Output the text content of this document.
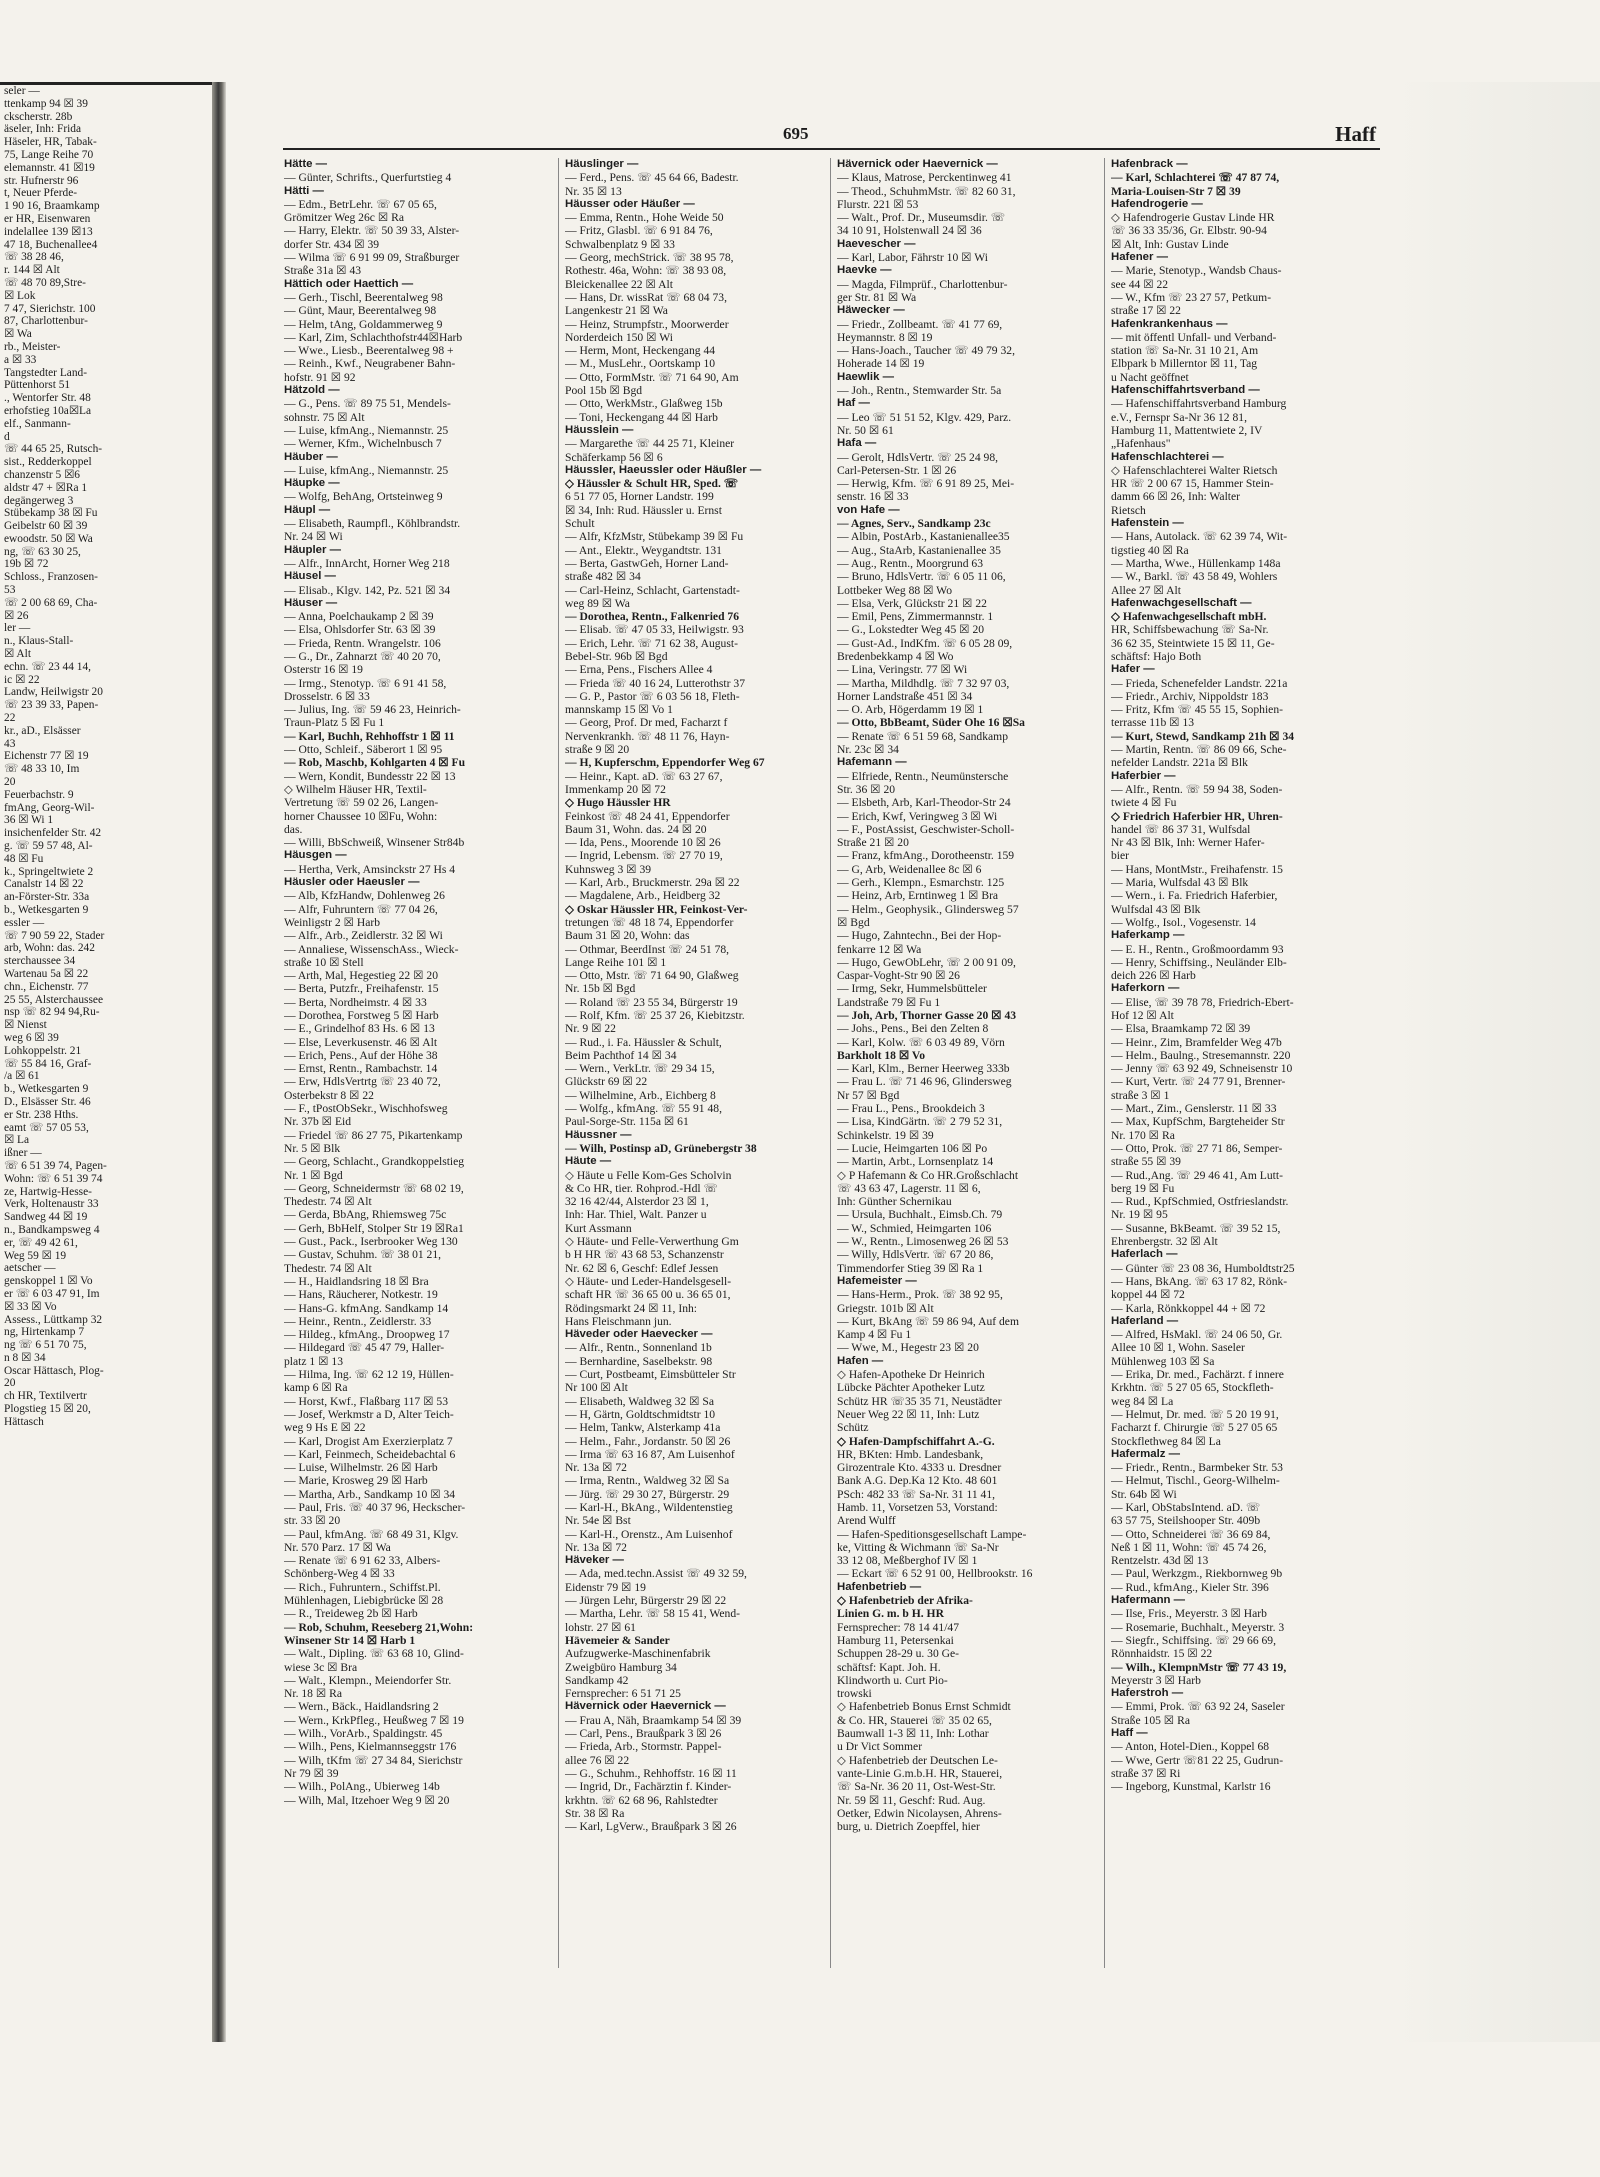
seler —
ttenkamp 94 ☒ 39
ckscherstr. 28b
äseler, Inh: Frida
Häseler, HR, Tabak-
75, Lange Reihe 70
elemannstr. 41 ☒19
str. Hufnerstr 96
t, Neuer Pferde-
1 90 16, Braamkamp
er HR, Eisenwaren
indelallee 139 ☒13
47 18, Buchenallee4
☏ 38 28 46,
r. 144 ☒ Alt
☏ 48 70 89,Stre-
☒ Lok
7 47, Sierichstr. 100
87, Charlottenbur-
☒ Wa
rb., Meister-
a ☒ 33
Tangstedter Land-
Püttenhorst 51
., Wentorfer Str. 48
erhofstieg 10a☒La
elf., Sanmann-
d
☏ 44 65 25, Rutsch-
sist., Redderkoppel
chanzenstr 5 ☒6
aldstr 47 + ☒Ra 1
degängerweg 3
Stübekamp 38 ☒ Fu
Geibelstr 60 ☒ 39
ewoodstr. 50 ☒ Wa
ng, ☏ 63 30 25,
19b ☒ 72
Schloss., Franzosen-
53
☏ 2 00 68 69, Cha-
☒ 26
ler —
n., Klaus-Stall-
☒ Alt
echn. ☏ 23 44 14,
ic ☒ 22
Landw, Heilwigstr 20
☏ 23 39 33, Papen-
22
kr., aD., Elsässer
43
Eichenstr 77 ☒ 19
☏ 48 33 10, Im
20
Feuerbachstr. 9
fmAng, Georg-Wil-
36 ☒ Wi 1
insichenfelder Str. 42
g. ☏ 59 57 48, Al-
48 ☒ Fu
k., Springeltwiete 2
Canalstr 14 ☒ 22
an-Förster-Str. 33a
b., Wetkesgarten 9
essler —
☏ 7 90 59 22, Stader
arb, Wohn: das. 242
sterchaussee 34
Wartenau 5a ☒ 22
chn., Eichenstr. 77
25 55, Alsterchaussee
nsp ☏ 82 94 94,Ru-
☒ Nienst
weg 6 ☒ 39
Lohkoppelstr. 21
☏ 55 84 16, Graf-
/a ☒ 61
b., Wetkesgarten 9
D., Elsässer Str. 46
er Str. 238 Hths.
eamt ☏ 57 05 53,
☒ La
ißner —
☏ 6 51 39 74, Pagen-
Wohn: ☏ 6 51 39 74
ze, Hartwig-Hesse-
Verk, Holtenaustr 33
Sandweg 44 ☒ 19
n., Bandkampsweg 4
er, ☏ 49 42 61,
Weg 59 ☒ 19
aetscher —
genskoppel 1 ☒ Vo
er ☏ 6 03 47 91, Im
☒ 33 ☒ Vo
Assess., Lüttkamp 32
ng, Hirtenkamp 7
ng ☏ 6 51 70 75,
n 8 ☒ 34
Oscar Hättasch, Plog-
20
ch HR, Textilvertr
Plogstieg 15 ☒ 20,
Hättasch
695	Haff
Hätte —
— Günter, Schrifts., Querfurtstieg 4
Hätti —
— Edm., BetrLehr. ☏ 67 05 65,
Grömitzer Weg 26c ☒ Ra
— Harry, Elektr. ☏ 50 39 33, Alster-
dorfer Str. 434 ☒ 39
— Wilma ☏ 6 91 99 09, Straßburger
Straße 31a ☒ 43
Hättich oder Haettich —
— Gerh., Tischl, Beerentalweg 98
— Günt, Maur, Beerentalweg 98
— Helm, tAng, Goldammerweg 9
— Karl, Zim, Schlachthofstr44☒Harb
— Wwe., Liesb., Beerentalweg 98 +
— Reinh., Kwf., Neugrabener Bahn-
hofstr. 91 ☒ 92
Hätzold —
— G., Pens. ☏ 89 75 51, Mendels-
sohnstr. 75 ☒ Alt
— Luise, kfmAng., Niemannstr. 25
— Werner, Kfm., Wichelnbusch 7
Häuber —
— Luise, kfmAng., Niemannstr. 25
Häupke —
— Wolfg, BehAng, Ortsteinweg 9
Häupl —
— Elisabeth, Raumpfl., Köhlbrandstr.
Nr. 24 ☒ Wi
Häupler —
— Alfr., InnArcht, Horner Weg 218
Häusel —
— Elisab., Klgv. 142, Pz. 521 ☒ 34
Häuser —
— Anna, Poelchaukamp 2 ☒ 39
— Elsa, Ohlsdorfer Str. 63 ☒ 39
— Frieda, Rentn. Wrangelstr. 106
— G., Dr., Zahnarzt ☏ 40 20 70,
Osterstr 16 ☒ 19
— Irmg., Stenotyp. ☏ 6 91 41 58,
Drosselstr. 6 ☒ 33
— Julius, Ing. ☏ 59 46 23, Heinrich-
Traun-Platz 5 ☒ Fu 1
— Karl, Buchh, Rehhoffstr 1 ☒ 11
— Otto, Schleif., Säberort 1 ☒ 95
— Rob, Maschb, Kohlgarten 4 ☒ Fu
— Wern, Kondit, Bundesstr 22 ☒ 13
◇ Wilhelm Häuser HR, Textil-
Vertretung ☏ 59 02 26, Langen-
horner Chaussee 10 ☒Fu, Wohn:
das.
— Willi, BbSchweiß, Winsener Str84b
Häusgen —
— Hertha, Verk, Amsinckstr 27 Hs 4
Häusler oder Haeusler —
— Alb, KfzHandw, Dohlenweg 26
— Alfr, Fuhruntern ☏ 77 04 26,
Weinligstr 2 ☒ Harb
— Alfr., Arb., Zeidlerstr. 32 ☒ Wi
— Annaliese, WissenschAss., Wieck-
straße 10 ☒ Stell
— Arth, Mal, Hegestieg 22 ☒ 20
— Berta, Putzfr., Freihafenstr. 15
— Berta, Nordheimstr. 4 ☒ 33
— Dorothea, Forstweg 5 ☒ Harb
— E., Grindelhof 83 Hs. 6 ☒ 13
— Else, Leverkusenstr. 46 ☒ Alt
— Erich, Pens., Auf der Höhe 38
— Ernst, Rentn., Rambachstr. 14
— Erw, HdlsVertrtg ☏ 23 40 72,
Osterbekstr 8 ☒ 22
— F., tPostObSekr., Wischhofsweg
Nr. 37b ☒ Eid
— Friedel ☏ 86 27 75, Pikartenkamp
Nr. 5 ☒ Blk
— Georg, Schlacht., Grandkoppelstieg
Nr. 1 ☒ Bgd
— Georg, Schneidermstr ☏ 68 02 19,
Thedestr. 74 ☒ Alt
— Gerda, BbAng, Rhiemsweg 75c
— Gerh, BbHelf, Stolper Str 19 ☒Ra1
— Gust., Pack., Iserbrooker Weg 130
— Gustav, Schuhm. ☏ 38 01 21,
Thedestr. 74 ☒ Alt
— H., Haidlandsring 18 ☒ Bra
— Hans, Räucherer, Notkestr. 19
— Hans-G. kfmAng. Sandkamp 14
— Heinr., Rentn., Zeidlerstr. 33
— Hildeg., kfmAng., Droopweg 17
— Hildegard ☏ 45 47 79, Haller-
platz 1 ☒ 13
— Hilma, Ing. ☏ 62 12 19, Hüllen-
kamp 6 ☒ Ra
— Horst, Kwf., Flaßbarg 117 ☒ 53
— Josef, Werkmstr a D, Alter Teich-
weg 9 Hs E ☒ 22
— Karl, Drogist Am Exerzierplatz 7
— Karl, Feinmech, Scheidebachtal 6
— Luise, Wilhelmstr. 26 ☒ Harb
— Marie, Krosweg 29 ☒ Harb
— Martha, Arb., Sandkamp 10 ☒ 34
— Paul, Fris. ☏ 40 37 96, Heckscher-
str. 33 ☒ 20
— Paul, kfmAng. ☏ 68 49 31, Klgv.
Nr. 570 Parz. 17 ☒ Wa
— Renate ☏ 6 91 62 33, Albers-
Schönberg-Weg 4 ☒ 33
— Rich., Fuhruntern., Schiffst.Pl.
Mühlenhagen, Liebigbrücke ☒ 28
— R., Treideweg 2b ☒ Harb
— Rob, Schuhm, Reeseberg 21,Wohn:
Winsener Str 14 ☒ Harb 1
— Walt., Dipling. ☏ 63 68 10, Glind-
wiese 3c ☒ Bra
— Walt., Klempn., Meiendorfer Str.
Nr. 18 ☒ Ra
— Wern., Bäck., Haidlandsring 2
— Wern., KrkPfleg., Heußweg 7 ☒ 19
— Wilh., VorArb., Spaldingstr. 45
— Wilh., Pens, Kielmannseggstr 176
— Wilh, tKfm ☏ 27 34 84, Sierichstr
Nr 79 ☒ 39
— Wilh., PolAng., Ubierweg 14b
— Wilh, Mal, Itzehoer Weg 9 ☒ 20
Häuslinger —
— Ferd., Pens. ☏ 45 64 66, Badestr.
Nr. 35 ☒ 13
Häusser oder Häußer —
— Emma, Rentn., Hohe Weide 50
— Fritz, Glasbl. ☏ 6 91 84 76,
Schwalbenplatz 9 ☒ 33
— Georg, mechStrick. ☏ 38 95 78,
Rothestr. 46a, Wohn: ☏ 38 93 08,
Bleickenallee 22 ☒ Alt
— Hans, Dr. wissRat ☏ 68 04 73,
Langenkestr 21 ☒ Wa
— Heinz, Strumpfstr., Moorwerder
Norderdeich 150 ☒ Wi
— Herm, Mont, Heckengang 44
— M., MusLehr., Oortskamp 10
— Otto, FormMstr. ☏ 71 64 90, Am
Pool 15b ☒ Bgd
— Otto, WerkMstr., Glaßweg 15b
— Toni, Heckengang 44 ☒ Harb
Häusslein —
— Margarethe ☏ 44 25 71, Kleiner
Schäferkamp 56 ☒ 6
Häussler, Haeussler oder Häußler —
◇ Häussler & Schult HR, Sped. ☏
6 51 77 05, Horner Landstr. 199
☒ 34, Inh: Rud. Häussler u. Ernst
Schult
— Alfr, KfzMstr, Stübekamp 39 ☒ Fu
— Ant., Elektr., Weygandtstr. 131
— Berta, GastwGeh, Horner Land-
straße 482 ☒ 34
— Carl-Heinz, Schlacht, Gartenstadt-
weg 89 ☒ Wa
— Dorothea, Rentn., Falkenried 76
— Elisab. ☏ 47 05 33, Heilwigstr. 93
— Erich, Lehr. ☏ 71 62 38, August-
Bebel-Str. 96b ☒ Bgd
— Erna, Pens., Fischers Allee 4
— Frieda ☏ 40 16 24, Lutterothstr 37
— G. P., Pastor ☏ 6 03 56 18, Fleth-
mannskamp 15 ☒ Vo 1
— Georg, Prof. Dr med, Facharzt f
Nervenkrankh. ☏ 48 11 76, Hayn-
straße 9 ☒ 20
— H, Kupferschm, Eppendorfer Weg 67
— Heinr., Kapt. aD. ☏ 63 27 67,
Immenkamp 20 ☒ 72
◇ Hugo Häussler HR
Feinkost ☏ 48 24 41, Eppendorfer
Baum 31, Wohn. das. 24 ☒ 20
— Ida, Pens., Moorende 10 ☒ 26
— Ingrid, Lebensm. ☏ 27 70 19,
Kuhnsweg 3 ☒ 39
— Karl, Arb., Bruckmerstr. 29a ☒ 22
— Magdalene, Arb., Heidberg 32
◇ Oskar Häussler HR, Feinkost-Ver-
tretungen ☏ 48 18 74, Eppendorfer
Baum 31 ☒ 20, Wohn: das
— Othmar, BeerdInst ☏ 24 51 78,
Lange Reihe 101 ☒ 1
— Otto, Mstr. ☏ 71 64 90, Glaßweg
Nr. 15b ☒ Bgd
— Roland ☏ 23 55 34, Bürgerstr 19
— Rolf, Kfm. ☏ 25 37 26, Kiebitzstr.
Nr. 9 ☒ 22
— Rud., i. Fa. Häussler & Schult,
Beim Pachthof 14 ☒ 34
— Wern., VerkLtr. ☏ 29 34 15,
Glückstr 69 ☒ 22
— Wilhelmine, Arb., Eichberg 8
— Wolfg., kfmAng. ☏ 55 91 48,
Paul-Sorge-Str. 115a ☒ 61
Häussner —
— Wilh, Postinsp aD, Grünebergstr 38
Häute —
◇ Häute u Felle Kom-Ges Scholvin
& Co HR, tier. Rohprod.-Hdl ☏
32 16 42/44, Alsterdor 23 ☒ 1,
Inh: Har. Thiel, Walt. Panzer u
Kurt Assmann
◇ Häute- und Felle-Verwerthung Gm
b H HR ☏ 43 68 53, Schanzenstr
Nr. 62 ☒ 6, Geschf: Edlef Jessen
◇ Häute- und Leder-Handelsgesell-
schaft HR ☏ 36 65 00 u. 36 65 01,
Rödingsmarkt 24 ☒ 11, Inh:
Hans Fleischmann jun.
Häveder oder Haevecker —
— Alfr., Rentn., Sonnenland 1b
— Bernhardine, Saselbekstr. 98
— Curt, Postbeamt, Eimsbütteler Str
Nr 100 ☒ Alt
— Elisabeth, Waldweg 32 ☒ Sa
— H, Gärtn, Goldtschmidtstr 10
— Helm, Tankw, Alsterkamp 41a
— Helm., Fahr., Jordanstr. 50 ☒ 26
— Irma ☏ 63 16 87, Am Luisenhof
Nr. 13a ☒ 72
— Irma, Rentn., Waldweg 32 ☒ Sa
— Jürg. ☏ 29 30 27, Bürgerstr. 29
— Karl-H., BkAng., Wildentenstieg
Nr. 54e ☒ Bst
— Karl-H., Orenstz., Am Luisenhof
Nr. 13a ☒ 72
Häveker —
— Ada, med.techn.Assist ☏ 49 32 59,
Eidenstr 79 ☒ 19
— Jürgen Lehr, Bürgerstr 29 ☒ 22
— Martha, Lehr. ☏ 58 15 41, Wend-
lohstr. 27 ☒ 61
Hävemeier & Sander
Aufzugwerke-Maschinenfabrik
Zweigbüro Hamburg 34
Sandkamp 42
Fernsprecher: 6 51 71 25
Hävernick oder Haevernick —
— Frau A, Näh, Braamkamp 54 ☒ 39
— Carl, Pens., Braußpark 3 ☒ 26
— Frieda, Arb., Stormstr. Pappel-
allee 76 ☒ 22
— G., Schuhm., Rehhoffstr. 16 ☒ 11
— Ingrid, Dr., Fachärztin f. Kinder-
krkhtn. ☏ 62 68 96, Rahlstedter
Str. 38 ☒ Ra
— Karl, LgVerw., Braußpark 3 ☒ 26
Hävernick oder Haevernick —
— Klaus, Matrose, Perckentinweg 41
— Theod., SchuhmMstr. ☏ 82 60 31,
Flurstr. 221 ☒ 53
— Walt., Prof. Dr., Museumsdir. ☏
34 10 91, Holstenwall 24 ☒ 36
Haevescher —
— Karl, Labor, Fährstr 10 ☒ Wi
Haevke —
— Magda, Filmprüf., Charlottenbur-
ger Str. 81 ☒ Wa
Häwecker —
— Friedr., Zollbeamt. ☏ 41 77 69,
Heymannstr. 8 ☒ 19
— Hans-Joach., Taucher ☏ 49 79 32,
Hoherade 14 ☒ 19
Haewlik —
— Joh., Rentn., Stemwarder Str. 5a
Haf —
— Leo ☏ 51 51 52, Klgv. 429, Parz.
Nr. 50 ☒ 61
Hafa —
— Gerolt, HdlsVertr. ☏ 25 24 98,
Carl-Petersen-Str. 1 ☒ 26
— Herwig, Kfm. ☏ 6 91 89 25, Mei-
senstr. 16 ☒ 33
von Hafe —
— Agnes, Serv., Sandkamp 23c
— Albin, PostArb., Kastanienallee35
— Aug., StaArb, Kastanienallee 35
— Aug., Rentn., Moorgrund 63
— Bruno, HdlsVertr. ☏ 6 05 11 06,
Lottbeker Weg 88 ☒ Wo
— Elsa, Verk, Glückstr 21 ☒ 22
— Emil, Pens, Zimmermannstr. 1
— G., Lokstedter Weg 45 ☒ 20
— Gust-Ad., IndKfm. ☏ 6 05 28 09,
Bredenbekkamp 4 ☒ Wo
— Lina, Veringstr. 77 ☒ Wi
— Martha, Mildhdlg. ☏ 7 32 97 03,
Horner Landstraße 451 ☒ 34
— O. Arb, Högerdamm 19 ☒ 1
— Otto, BbBeamt, Süder Ohe 16 ☒Sa
— Renate ☏ 6 51 59 68, Sandkamp
Nr. 23c ☒ 34
Hafemann —
— Elfriede, Rentn., Neumünstersche
Str. 36 ☒ 20
— Elsbeth, Arb, Karl-Theodor-Str 24
— Erich, Kwf, Veringweg 3 ☒ Wi
— F., PostAssist, Geschwister-Scholl-
Straße 21 ☒ 20
— Franz, kfmAng., Dorotheenstr. 159
— G, Arb, Weidenallee 8c ☒ 6
— Gerh., Klempn., Esmarchstr. 125
— Heinz, Arb, Erntinweg 1 ☒ Bra
— Helm., Geophysik., Glindersweg 57
☒ Bgd
— Hugo, Zahntechn., Bei der Hop-
fenkarre 12 ☒ Wa
— Hugo, GewObLehr, ☏ 2 00 91 09,
Caspar-Voght-Str 90 ☒ 26
— Irmg, Sekr, Hummelsbütteler
Landstraße 79 ☒ Fu 1
— Joh, Arb, Thorner Gasse 20 ☒ 43
— Johs., Pens., Bei den Zelten 8
— Karl, Kolw. ☏ 6 03 49 89, Vörn
Barkholt 18 ☒ Vo
— Karl, Klm., Berner Heerweg 333b
— Frau L. ☏ 71 46 96, Glindersweg
Nr 57 ☒ Bgd
— Frau L., Pens., Brookdeich 3
— Lisa, KindGärtn. ☏ 2 79 52 31,
Schinkelstr. 19 ☒ 39
— Lucie, Heimgarten 106 ☒ Po
— Martin, Arbt., Lornsenplatz 14
◇ P Hafemann & Co HR.Großschlacht
☏ 43 63 47, Lagerstr. 11 ☒ 6,
Inh: Günther Schernikau
— Ursula, Buchhalt., Eimsb.Ch. 79
— W., Schmied, Heimgarten 106
— W., Rentn., Limosenweg 26 ☒ 53
— Willy, HdlsVertr. ☏ 67 20 86,
Timmendorfer Stieg 39 ☒ Ra 1
Hafemeister —
— Hans-Herm., Prok. ☏ 38 92 95,
Griegstr. 101b ☒ Alt
— Kurt, BkAng ☏ 59 86 94, Auf dem
Kamp 4 ☒ Fu 1
— Wwe, M., Hegestr 23 ☒ 20
Hafen —
◇ Hafen-Apotheke Dr Heinrich
Lübcke Pächter Apotheker Lutz
Schütz HR ☏35 35 71, Neustädter
Neuer Weg 22 ☒ 11, Inh: Lutz
Schütz
◇ Hafen-Dampfschiffahrt A.-G.
HR, BKten: Hmb. Landesbank,
Girozentrale Kto. 4333 u. Dresdner
Bank A.G. Dep.Ka 12 Kto. 48 601
PSch: 482 33 ☏ Sa-Nr. 31 11 41,
Hamb. 11, Vorsetzen 53, Vorstand:
Arend Wulff
— Hafen-Speditionsgesellschaft Lampe-
ke, Vitting & Wichmann ☏ Sa-Nr
33 12 08, Meßberghof IV ☒ 1
— Eckart ☏ 6 52 91 00, Hellbrookstr. 16
Hafenbetrieb —
◇ Hafenbetrieb der Afrika-
Linien G. m. b H. HR
Fernsprecher: 78 14 41/47
Hamburg 11, Petersenkai
Schuppen 28-29 u. 30 Ge-
schäftsf: Kapt. Joh. H.
Klindworth u. Curt Pio-
trowski
◇ Hafenbetrieb Bonus Ernst Schmidt
& Co. HR, Stauerei ☏ 35 02 65,
Baumwall 1-3 ☒ 11, Inh: Lothar
u Dr Vict Sommer
◇ Hafenbetrieb der Deutschen Le-
vante-Linie G.m.b.H. HR, Stauerei,
☏ Sa-Nr. 36 20 11, Ost-West-Str.
Nr. 59 ☒ 11, Geschf: Rud. Aug.
Oetker, Edwin Nicolaysen, Ahrens-
burg, u. Dietrich Zoepffel, hier
Hafenbrack —
— Karl, Schlachterei ☏ 47 87 74,
Maria-Louisen-Str 7 ☒ 39
Hafendrogerie —
◇ Hafendrogerie Gustav Linde HR
☏ 36 33 35/36, Gr. Elbstr. 90-94
☒ Alt, Inh: Gustav Linde
Hafener —
— Marie, Stenotyp., Wandsb Chaus-
see 44 ☒ 22
— W., Kfm ☏ 23 27 57, Petkum-
straße 17 ☒ 22
Hafenkrankenhaus —
— mit öffentl Unfall- und Verband-
station ☏ Sa-Nr. 31 10 21, Am
Elbpark b Millerntor ☒ 11, Tag
u Nacht geöffnet
Hafenschiffahrtsverband —
— Hafenschiffahrtsverband Hamburg
e.V., Fernspr Sa-Nr 36 12 81,
Hamburg 11, Mattentwiete 2, IV
„Hafenhaus"
Hafenschlachterei —
◇ Hafenschlachterei Walter Rietsch
HR ☏ 2 00 67 15, Hammer Stein-
damm 66 ☒ 26, Inh: Walter
Rietsch
Hafenstein —
— Hans, Autolack. ☏ 62 39 74, Wit-
tigstieg 40 ☒ Ra
— Martha, Wwe., Hüllenkamp 148a
— W., Barkl. ☏ 43 58 49, Wohlers
Allee 27 ☒ Alt
Hafenwachgesellschaft —
◇ Hafenwachgesellschaft mbH.
HR, Schiffsbewachung ☏ Sa-Nr.
36 62 35, Steintwiete 15 ☒ 11, Ge-
schäftsf: Hajo Both
Hafer —
— Frieda, Schenefelder Landstr. 221a
— Friedr., Archiv, Nippoldstr 183
— Fritz, Kfm ☏ 45 55 15, Sophien-
terrasse 11b ☒ 13
— Kurt, Stewd, Sandkamp 21h ☒ 34
— Martin, Rentn. ☏ 86 09 66, Sche-
nefelder Landstr. 221a ☒ Blk
Haferbier —
— Alfr., Rentn. ☏ 59 94 38, Soden-
twiete 4 ☒ Fu
◇ Friedrich Haferbier HR, Uhren-
handel ☏ 86 37 31, Wulfsdal
Nr 43 ☒ Blk, Inh: Werner Hafer-
bier
— Hans, MontMstr., Freihafenstr. 15
— Maria, Wulfsdal 43 ☒ Blk
— Wern., i. Fa. Friedrich Haferbier,
Wulfsdal 43 ☒ Blk
— Wolfg., Isol., Vogesenstr. 14
Haferkamp —
— E. H., Rentn., Großmoordamm 93
— Henry, Schiffsing., Neuländer Elb-
deich 226 ☒ Harb
Haferkorn —
— Elise, ☏ 39 78 78, Friedrich-Ebert-
Hof 12 ☒ Alt
— Elsa, Braamkamp 72 ☒ 39
— Heinr., Zim, Bramfelder Weg 47b
— Helm., Baulng., Stresemannstr. 220
— Jenny ☏ 63 92 49, Schneisenstr 10
— Kurt, Vertr. ☏ 24 77 91, Brenner-
straße 3 ☒ 1
— Mart., Zim., Genslerstr. 11 ☒ 33
— Max, KupfSchm, Bargteheider Str
Nr. 170 ☒ Ra
— Otto, Prok. ☏ 27 71 86, Semper-
straße 55 ☒ 39
— Rud.,Ang. ☏ 29 46 41, Am Lutt-
berg 19 ☒ Fu
— Rud., KpfSchmied, Ostfrieslandstr.
Nr. 19 ☒ 95
— Susanne, BkBeamt. ☏ 39 52 15,
Ehrenbergstr. 32 ☒ Alt
Haferlach —
— Günter ☏ 23 08 36, Humboldtstr25
— Hans, BkAng. ☏ 63 17 82, Rönk-
koppel 44 ☒ 72
— Karla, Rönkkoppel 44 + ☒ 72
Haferland —
— Alfred, HsMakl. ☏ 24 06 50, Gr.
Allee 10 ☒ 1, Wohn. Saseler
Mühlenweg 103 ☒ Sa
— Erika, Dr. med., Fachärzt. f innere
Krkhtn. ☏ 5 27 05 65, Stockfleth-
weg 84 ☒ La
— Helmut, Dr. med. ☏ 5 20 19 91,
Facharzt f. Chirurgie ☏ 5 27 05 65
Stockflethweg 84 ☒ La
Hafermalz —
— Friedr., Rentn., Barmbeker Str. 53
— Helmut, Tischl., Georg-Wilhelm-
Str. 64b ☒ Wi
— Karl, ObStabsIntend. aD. ☏
63 57 75, Steilshooper Str. 409b
— Otto, Schneiderei ☏ 36 69 84,
Neß 1 ☒ 11, Wohn: ☏ 45 74 26,
Rentzelstr. 43d ☒ 13
— Paul, Werkzgm., Riekbornweg 9b
— Rud., kfmAng., Kieler Str. 396
Hafermann —
— Ilse, Fris., Meyerstr. 3 ☒ Harb
— Rosemarie, Buchhalt., Meyerstr. 3
— Siegfr., Schiffsing. ☏ 29 66 69,
Rönnhaidstr. 15 ☒ 22
— Wilh., KlempnMstr ☏ 77 43 19,
Meyerstr 3 ☒ Harb
Haferstroh —
— Emmi, Prok. ☏ 63 92 24, Saseler
Straße 105 ☒ Ra
Haff —
— Anton, Hotel-Dien., Koppel 68
— Wwe, Gertr ☏81 22 25, Gudrun-
straße 37 ☒ Ri
— Ingeborg, Kunstmal, Karlstr 16
